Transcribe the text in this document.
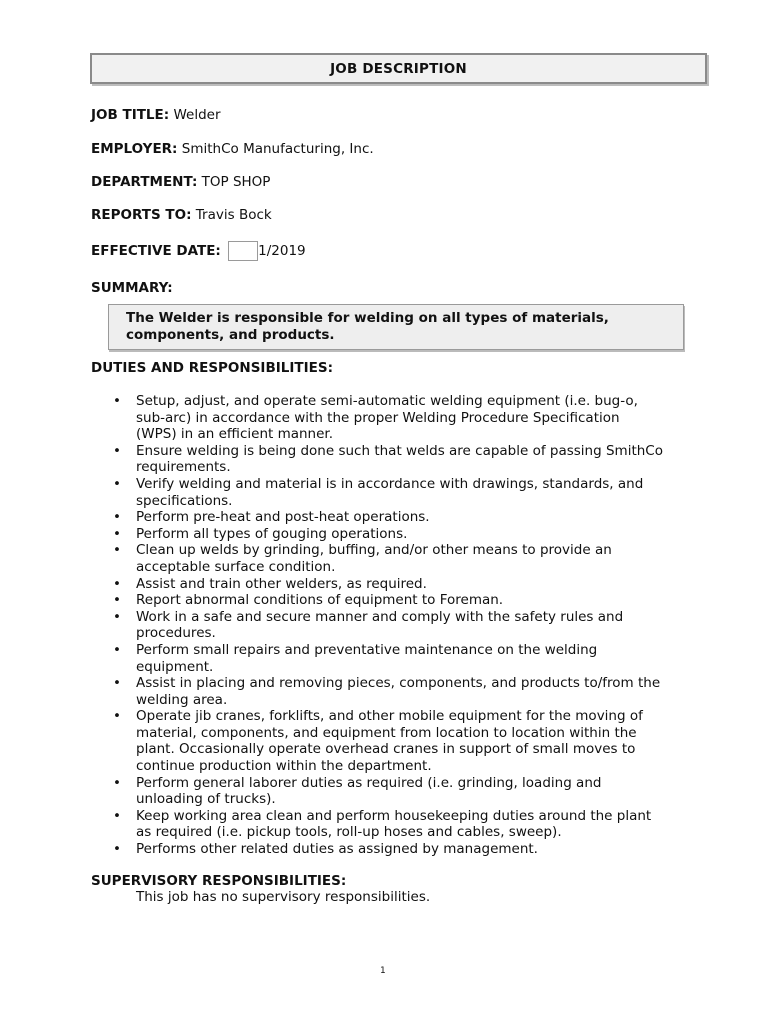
JOB DESCRIPTION
JOB TITLE: Welder
EMPLOYER: SmithCo Manufacturing, Inc.
DEPARTMENT: TOP SHOP
REPORTS TO: Travis Bock
EFFECTIVE DATE:	1/2019
SUMMARY:
The Welder is responsible for welding on all types of materials,
components, and products.
DUTIES AND RESPONSIBILITIES:
• Setup, adjust, and operate semi-automatic welding equipment (i.e. bug-o,
sub-arc) in accordance with the proper Welding Procedure Specification
(WPS) in an efficient manner.
• Ensure welding is being done such that welds are capable of passing SmithCo
requirements.
• Verify welding and material is in accordance with drawings, standards, and
specifications.
• Perform pre-heat and post-heat operations.
• Perform all types of gouging operations.
• Clean up welds by grinding, buffing, and/or other means to provide an
acceptable surface condition.
• Assist and train other welders, as required.
• Report abnormal conditions of equipment to Foreman.
• Work in a safe and secure manner and comply with the safety rules and
procedures.
• Perform small repairs and preventative maintenance on the welding
equipment.
• Assist in placing and removing pieces, components, and products to/from the
welding area.
• Operate jib cranes, forklifts, and other mobile equipment for the moving of
material, components, and equipment from location to location within the
plant. Occasionally operate overhead cranes in support of small moves to
continue production within the department.
• Perform general laborer duties as required (i.e. grinding, loading and
unloading of trucks).
• Keep working area clean and perform housekeeping duties around the plant
as required (i.e. pickup tools, roll-up hoses and cables, sweep).
• Performs other related duties as assigned by management.
SUPERVISORY RESPONSIBILITIES:
This job has no supervisory responsibilities.
1
